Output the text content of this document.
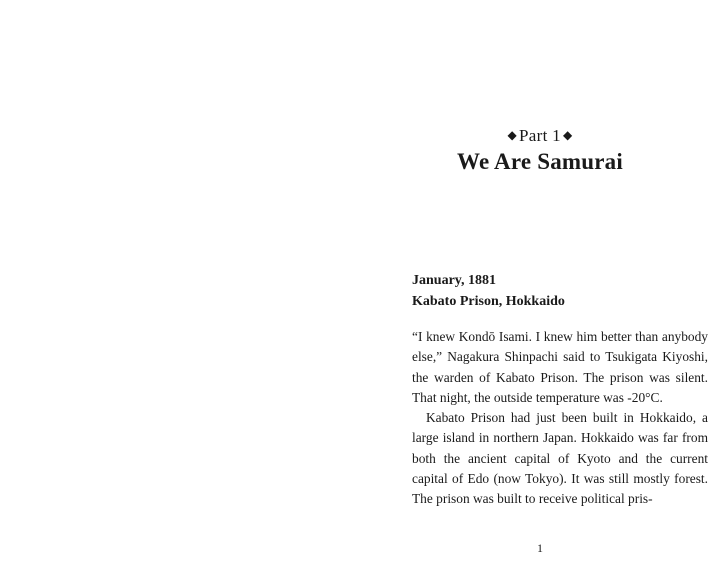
◆ Part 1 ◆
We Are Samurai
January, 1881
Kabato Prison, Hokkaido

“I knew Kondō Isami. I knew him better than anybody else,” Nagakura Shinpachi said to Tsukigata Kiyoshi, the warden of Kabato Prison. The prison was silent. That night, the outside temperature was -20°C.

Kabato Prison had just been built in Hokkaido, a large island in northern Japan. Hokkaido was far from both the ancient capital of Kyoto and the current capital of Edo (now Tokyo). It was still mostly forest. The prison was built to receive political pris-

1
